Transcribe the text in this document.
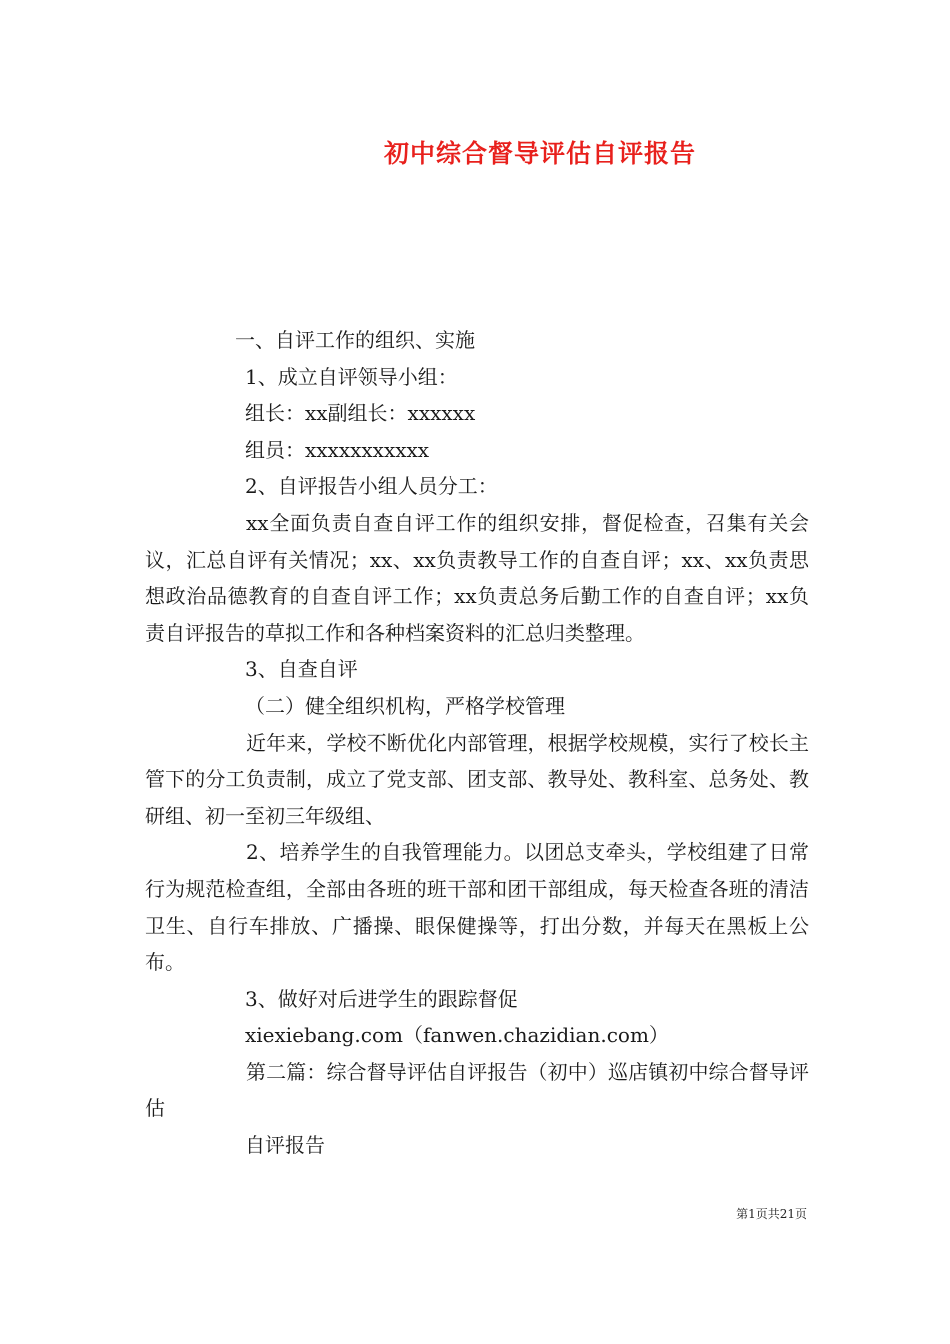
初中综合督导评估自评报告
一、自评工作的组织、实施
1、成立自评领导小组：
组长：xx副组长：xxxxxx
组员：xxxxxxxxxxx
2、自评报告小组人员分工：
xx全面负责自查自评工作的组织安排，督促检查，召集有关会议，汇总自评有关情况；xx、xx负责教导工作的自查自评；xx、xx负责思想政治品德教育的自查自评工作；xx负责总务后勤工作的自查自评；xx负责自评报告的草拟工作和各种档案资料的汇总归类整理。
3、自查自评
（二）健全组织机构，严格学校管理
近年来，学校不断优化内部管理，根据学校规模，实行了校长主管下的分工负责制，成立了党支部、团支部、教导处、教科室、总务处、教研组、初一至初三年级组、
2、培养学生的自我管理能力。以团总支牵头，学校组建了日常行为规范检查组，全部由各班的班干部和团干部组成，每天检查各班的清洁卫生、自行车排放、广播操、眼保健操等，打出分数，并每天在黑板上公布。
3、做好对后进学生的跟踪督促
xiexiebang.com（fanwen.chazidian.com）
第二篇：综合督导评估自评报告（初中）巡店镇初中综合督导评估
自评报告
第1页共21页
